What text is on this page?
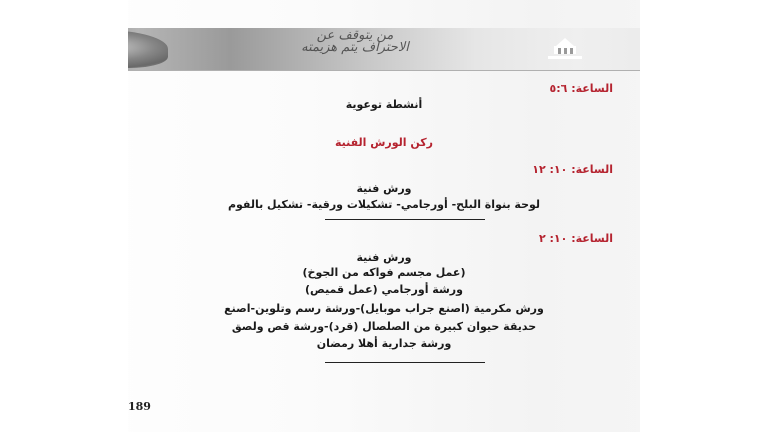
من يتوقف عن الاحتراف يتم هزيمته
الساعة: ٥:٦
أنشطة توعوية
ركن الورش الفنية
الساعة: ١٠: ١٢
ورش فنية
لوحة بنواة البلح- أورجامي- تشكيلات ورقية- تشكيل بالفوم
الساعة: ١٠: ٢
ورش فنية
(عمل مجسم فواكه من الجوخ)
ورشة أورجامي (عمل قميص)
ورش مكرمية (اصنع جراب موبايل)-ورشة رسم وتلوين-اصنع
حديقة حيوان كبيرة من الصلصال (قرد)-ورشة قص ولصق
ورشة جدارية أهلا رمضان
189
